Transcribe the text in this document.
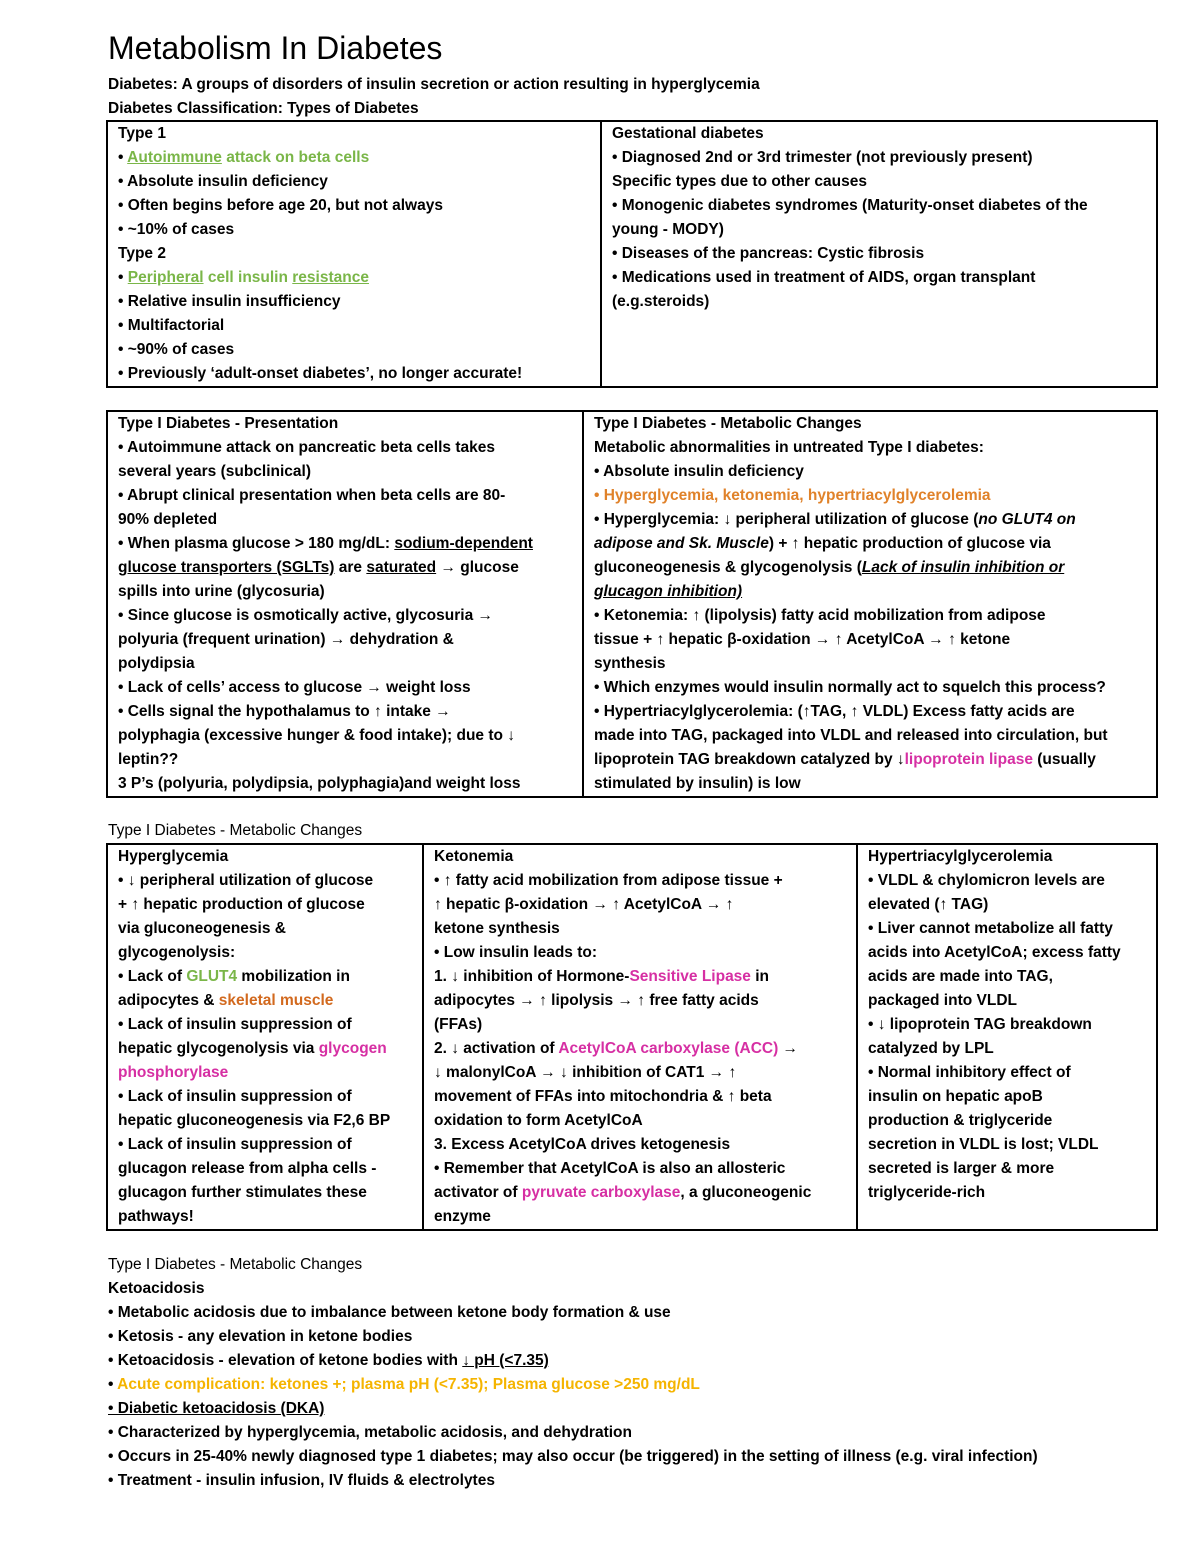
Metabolism In Diabetes
Diabetes: A groups of disorders of insulin secretion or action resulting in hyperglycemia
Diabetes Classification: Types of Diabetes
Type 1
• Autoimmune attack on beta cells
• Absolute insulin deficiency
• Often begins before age 20, but not always
• ~10% of cases
Type 2
• Peripheral cell insulin resistance
• Relative insulin insufficiency
• Multifactorial
• ~90% of cases
• Previously ‘adult-onset diabetes’, no longer accurate!

Gestational diabetes
• Diagnosed 2nd or 3rd trimester (not previously present)
Specific types due to other causes
• Monogenic diabetes syndromes (Maturity-onset diabetes of the
young - MODY)
• Diseases of the pancreas: Cystic fibrosis
• Medications used in treatment of AIDS, organ transplant
(e.g.steroids)
Type I Diabetes - Presentation
• Autoimmune attack on pancreatic beta cells takes
several years (subclinical)
• Abrupt clinical presentation when beta cells are 80-
90% depleted
• When plasma glucose > 180 mg/dL: sodium-dependent
glucose transporters (SGLTs) are saturated → glucose
spills into urine (glycosuria)
• Since glucose is osmotically active, glycosuria →
polyuria (frequent urination) → dehydration &
polydipsia
• Lack of cells’ access to glucose → weight loss
• Cells signal the hypothalamus to ↑ intake →
polyphagia (excessive hunger & food intake); due to ↓
leptin??
3 P’s (polyuria, polydipsia, polyphagia)and weight loss

Type I Diabetes - Metabolic Changes
Metabolic abnormalities in untreated Type I diabetes:
• Absolute insulin deficiency
• Hyperglycemia, ketonemia, hypertriacylglycerolemia
• Hyperglycemia: ↓ peripheral utilization of glucose (no GLUT4 on
adipose and Sk. Muscle) + ↑ hepatic production of glucose via
gluconeogenesis & glycogenolysis (Lack of insulin inhibition or
glucagon inhibition)
• Ketonemia: ↑ (lipolysis) fatty acid mobilization from adipose
tissue + ↑ hepatic β-oxidation → ↑ AcetylCoA → ↑ ketone
synthesis
• Which enzymes would insulin normally act to squelch this process?
• Hypertriacylglycerolemia: (↑TAG, ↑ VLDL) Excess fatty acids are
made into TAG, packaged into VLDL and released into circulation, but
lipoprotein TAG breakdown catalyzed by ↓lipoprotein lipase (usually
stimulated by insulin) is low
Type I Diabetes - Metabolic Changes
Hyperglycemia
• ↓ peripheral utilization of glucose
+ ↑ hepatic production of glucose
via gluconeogenesis &
glycogenolysis:
• Lack of GLUT4 mobilization in
adipocytes & skeletal muscle
• Lack of insulin suppression of
hepatic glycogenolysis via glycogen
phosphorylase
• Lack of insulin suppression of
hepatic gluconeogenesis via F2,6 BP
• Lack of insulin suppression of
glucagon release from alpha cells -
glucagon further stimulates these
pathways!

Ketonemia
• ↑ fatty acid mobilization from adipose tissue +
↑ hepatic β-oxidation → ↑ AcetylCoA → ↑
ketone synthesis
• Low insulin leads to:
1. ↓ inhibition of Hormone-Sensitive Lipase in
adipocytes → ↑ lipolysis → ↑ free fatty acids
(FFAs)
2. ↓ activation of AcetylCoA carboxylase (ACC) →
↓ malonylCoA → ↓ inhibition of CAT1 → ↑
movement of FFAs into mitochondria & ↑ beta
oxidation to form AcetylCoA
3. Excess AcetylCoA drives ketogenesis
• Remember that AcetylCoA is also an allosteric
activator of pyruvate carboxylase, a gluconeogenic
enzyme

Hypertriacylglycerolemia
• VLDL & chylomicron levels are
elevated (↑ TAG)
• Liver cannot metabolize all fatty
acids into AcetylCoA; excess fatty
acids are made into TAG,
packaged into VLDL
• ↓ lipoprotein TAG breakdown
catalyzed by LPL
• Normal inhibitory effect of
insulin on hepatic apoB
production & triglyceride
secretion in VLDL is lost; VLDL
secreted is larger & more
triglyceride-rich
Type I Diabetes - Metabolic Changes
Ketoacidosis
• Metabolic acidosis due to imbalance between ketone body formation & use
• Ketosis - any elevation in ketone bodies
• Ketoacidosis - elevation of ketone bodies with ↓ pH (<7.35)
• Acute complication: ketones +; plasma pH (<7.35); Plasma glucose >250 mg/dL
• Diabetic ketoacidosis (DKA)
• Characterized by hyperglycemia, metabolic acidosis, and dehydration
• Occurs in 25-40% newly diagnosed type 1 diabetes; may also occur (be triggered) in the setting of illness (e.g. viral infection)
• Treatment - insulin infusion, IV fluids & electrolytes
